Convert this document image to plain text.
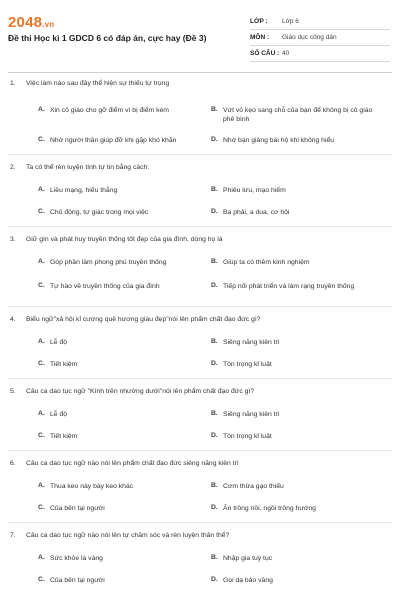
2048.vn
Đề thi Học kì 1 GDCD 6 có đáp án, cực hay (Đề 3)
LỚP :	Lớp 6
MÔN :	Giáo dục công dân
SỐ CÂU : 40
1. Việc làm nào sau đây thể hiện sự thiếu tự trọng
A. Xin cô giáo cho gỡ điểm vì bị điểm kém	B. Vứt vỏ kẹo sang chỗ của bạn để không bị cô giáo phê bình
C. Nhờ người thân giúp đỡ khi gặp khó khăn	D. Nhờ bạn giảng bài hộ khi không hiểu
2. Ta có thể rèn luyện tính tự tin bằng cách:
A. Liều mạng, hiếu thắng	B. Phiêu lưu, mạo hiểm
C. Chủ động, tự giác trong mọi việc	D. Ba phải, a dua, cơ hội
3. Giữ gìn và phát huy truyền thống tốt đẹp của gia đình, dòng họ là
A. Góp phần làm phong phú truyền thống	B. Giúp ta có thêm kinh nghiệm
C. Tự hào về truyền thống của gia đình	D. Tiếp nối phát triển và làm rạng truyền thống
4. Biểu ngữ"xả hội kỉ cương quê hương giàu đẹp"nói lên phẩm chất đạo đức gì?
A. Lễ độ	B. Siêng năng kiên trì
C. Tiết kiệm	D. Tôn trọng kỉ luật
5. Câu ca dao tục ngữ "Kính trên nhường dưới"nói lên phẩm chất đạo đức gì?
A. Lễ độ	B. Siêng năng kiên trì
C. Tiết kiệm	D. Tôn trọng kỉ luật
6. Câu ca dao tục ngữ nào nói lên phẩm chất đạo đức siêng năng kiên trì
A. Thua keo này bày keo khác	B. Cơm thừa gạo thiếu
C. Của bền tại người	D. Ăn trông nồi, ngồi trông hướng
7. Câu ca dao tục ngữ nào nói lên tự chăm sóc và rèn luyện thân thể?
A. Sức khỏe là vàng	B. Nhập gia tuỳ tục
C. Của bền tại người	D. Gọi dạ bảo vâng
